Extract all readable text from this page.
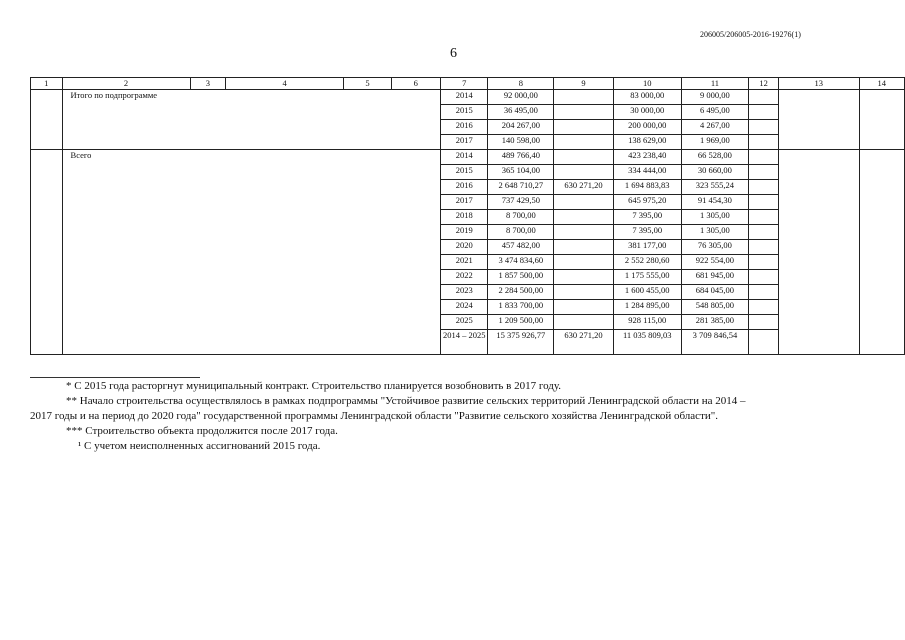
206005/206005-2016-19276(1)
6
1	2	3	4	5	6	7	8	9	10	11	12	13	14
	Итого по подпрограмме					2014	92 000,00		83 000,00	9 000,00			
						2015	36 495,00		30 000,00	6 495,00			
						2016	204 267,00		200 000,00	4 267,00			
						2017	140 598,00		138 629,00	1 969,00			
	Всего					2014	489 766,40		423 238,40	66 528,00			
						2015	365 104,00		334 444,00	30 660,00			
						2016	2 648 710,27	630 271,20	1 694 883,83	323 555,24			
						2017	737 429,50		645 975,20	91 454,30			
						2018	8 700,00		7 395,00	1 305,00			
						2019	8 700,00		7 395,00	1 305,00			
						2020	457 482,00		381 177,00	76 305,00			
						2021	3 474 834,60		2 552 280,60	922 554,00			
						2022	1 857 500,00		1 175 555,00	681 945,00			
						2023	2 284 500,00		1 600 455,00	684 045,00			
						2024	1 833 700,00		1 284 895,00	548 805,00			
						2025	1 209 500,00		928 115,00	281 385,00			
						2014 – 2025	15 375 926,77	630 271,20	11 035 809,03	3 709 846,54			
* С 2015 года расторгнут муниципальный контракт. Строительство планируется возобновить в 2017 году.
** Начало строительства осуществлялось в рамках подпрограммы "Устойчивое развитие сельских территорий Ленинградской области на 2014 –
2017 годы и на период до 2020 года" государственной программы Ленинградской области "Развитие сельского хозяйства Ленинградской области".
*** Строительство объекта продолжится после 2017 года.
¹ С учетом неисполненных ассигнований 2015 года.
